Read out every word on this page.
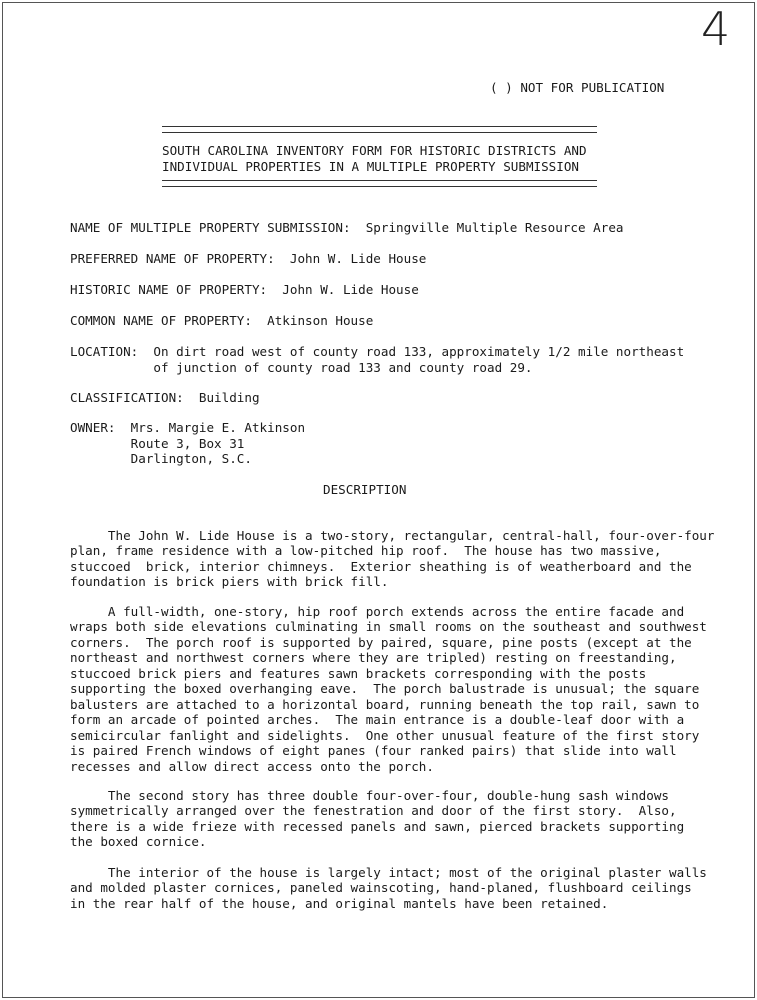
4
( ) NOT FOR PUBLICATION
SOUTH CAROLINA INVENTORY FORM FOR HISTORIC DISTRICTS AND
INDIVIDUAL PROPERTIES IN A MULTIPLE PROPERTY SUBMISSION
NAME OF MULTIPLE PROPERTY SUBMISSION:  Springville Multiple Resource Area
PREFERRED NAME OF PROPERTY:  John W. Lide House
HISTORIC NAME OF PROPERTY:  John W. Lide House
COMMON NAME OF PROPERTY:  Atkinson House
LOCATION:  On dirt road west of county road 133, approximately 1/2 mile northeast
of junction of county road 133 and county road 29.
CLASSIFICATION:  Building
OWNER:  Mrs. Margie E. Atkinson
Route 3, Box 31
Darlington, S.C.
DESCRIPTION

The John W. Lide House is a two-story, rectangular, central-hall, four-over-four
plan, frame residence with a low-pitched hip roof.  The house has two massive,
stuccoed  brick, interior chimneys.  Exterior sheathing is of weatherboard and the
foundation is brick piers with brick fill.

A full-width, one-story, hip roof porch extends across the entire facade and
wraps both side elevations culminating in small rooms on the southeast and southwest
corners.  The porch roof is supported by paired, square, pine posts (except at the
northeast and northwest corners where they are tripled) resting on freestanding,
stuccoed brick piers and features sawn brackets corresponding with the posts
supporting the boxed overhanging eave.  The porch balustrade is unusual; the square
balusters are attached to a horizontal board, running beneath the top rail, sawn to
form an arcade of pointed arches.  The main entrance is a double-leaf door with a
semicircular fanlight and sidelights.  One other unusual feature of the first story
is paired French windows of eight panes (four ranked pairs) that slide into wall
recesses and allow direct access onto the porch.

The second story has three double four-over-four, double-hung sash windows
symmetrically arranged over the fenestration and door of the first story.  Also,
there is a wide frieze with recessed panels and sawn, pierced brackets supporting
the boxed cornice.

The interior of the house is largely intact; most of the original plaster walls
and molded plaster cornices, paneled wainscoting, hand-planed, flushboard ceilings
in the rear half of the house, and original mantels have been retained.
